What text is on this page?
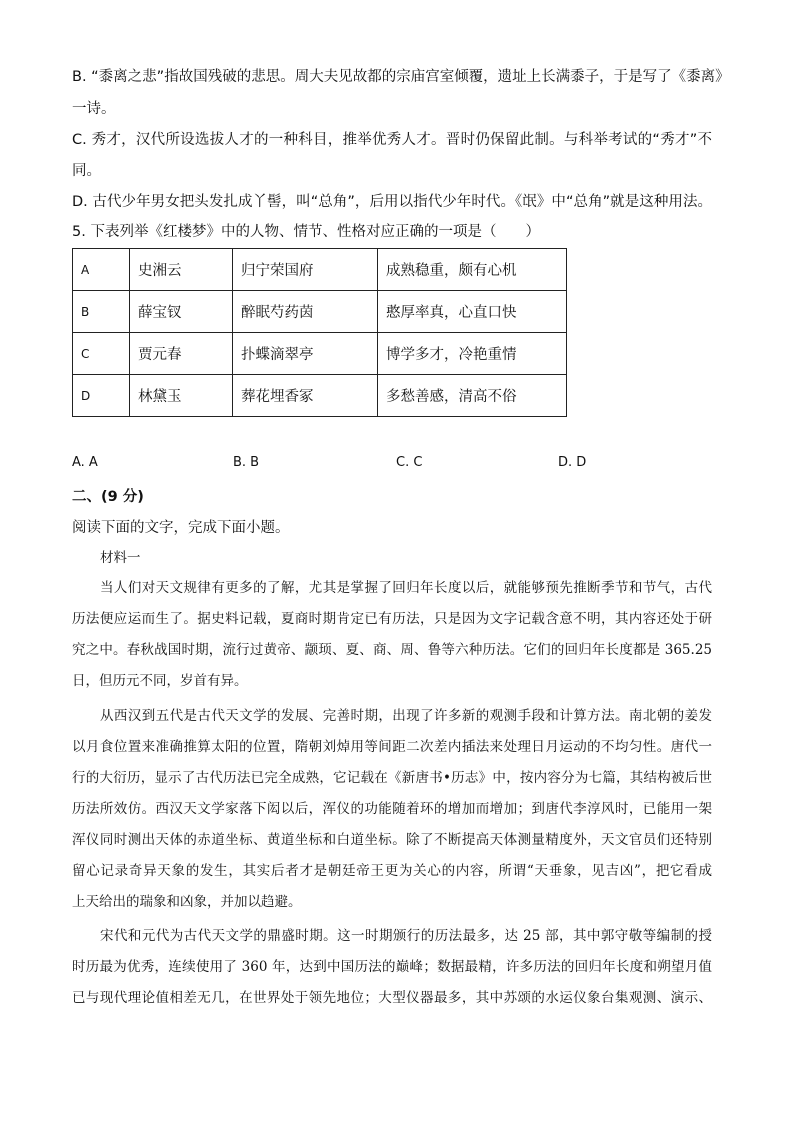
B. “黍离之悲”指故国残破的悲思。周大夫见故都的宗庙宫室倾覆，遗址上长满黍子，于是写了《黍离》
一诗。
C. 秀才，汉代所设选拔人才的一种科目，推举优秀人才。晋时仍保留此制。与科举考试的“秀才”不
同。
D. 古代少年男女把头发扎成丫髻，叫“总角”，后用以指代少年时代。《氓》中“总角”就是这种用法。
5. 下表列举《红楼梦》中的人物、情节、性格对应正确的一项是（　　）
A	史湘云	归宁荣国府	成熟稳重，颇有心机
B	薛宝钗	醉眠芍药茵	憨厚率真，心直口快
C	贾元春	扑蝶滴翠亭	博学多才，冷艳重情
D	林黛玉	葬花埋香冢	多愁善感，清高不俗
A. A	B. B	C. C	D. D
二、(9 分)
阅读下面的文字，完成下面小题。
材料一
当人们对天文规律有更多的了解，尤其是掌握了回归年长度以后，就能够预先推断季节和节气，古代
历法便应运而生了。据史料记载，夏商时期肯定已有历法，只是因为文字记载含意不明，其内容还处于研
究之中。春秋战国时期，流行过黄帝、颛顼、夏、商、周、鲁等六种历法。它们的回归年长度都是 365.25
日，但历元不同，岁首有异。
从西汉到五代是古代天文学的发展、完善时期，出现了许多新的观测手段和计算方法。南北朝的姜发
以月食位置来准确推算太阳的位置，隋朝刘焯用等间距二次差内插法来处理日月运动的不均匀性。唐代一
行的大衍历，显示了古代历法已完全成熟，它记载在《新唐书•历志》中，按内容分为七篇，其结构被后世
历法所效仿。西汉天文学家落下闳以后，浑仪的功能随着环的增加而增加；到唐代李淳风时，已能用一架
浑仪同时测出天体的赤道坐标、黄道坐标和白道坐标。除了不断提高天体测量精度外，天文官员们还特别
留心记录奇异天象的发生，其实后者才是朝廷帝王更为关心的内容，所谓“天垂象，见吉凶”，把它看成
上天给出的瑞象和凶象，并加以趋避。
宋代和元代为古代天文学的鼎盛时期。这一时期颁行的历法最多，达 25 部，其中郭守敬等编制的授
时历最为优秀，连续使用了 360 年，达到中国历法的巅峰；数据最精，许多历法的回归年长度和朔望月值
已与现代理论值相差无几，在世界处于领先地位；大型仪器最多，其中苏颂的水运仪象台集观测、演示、
